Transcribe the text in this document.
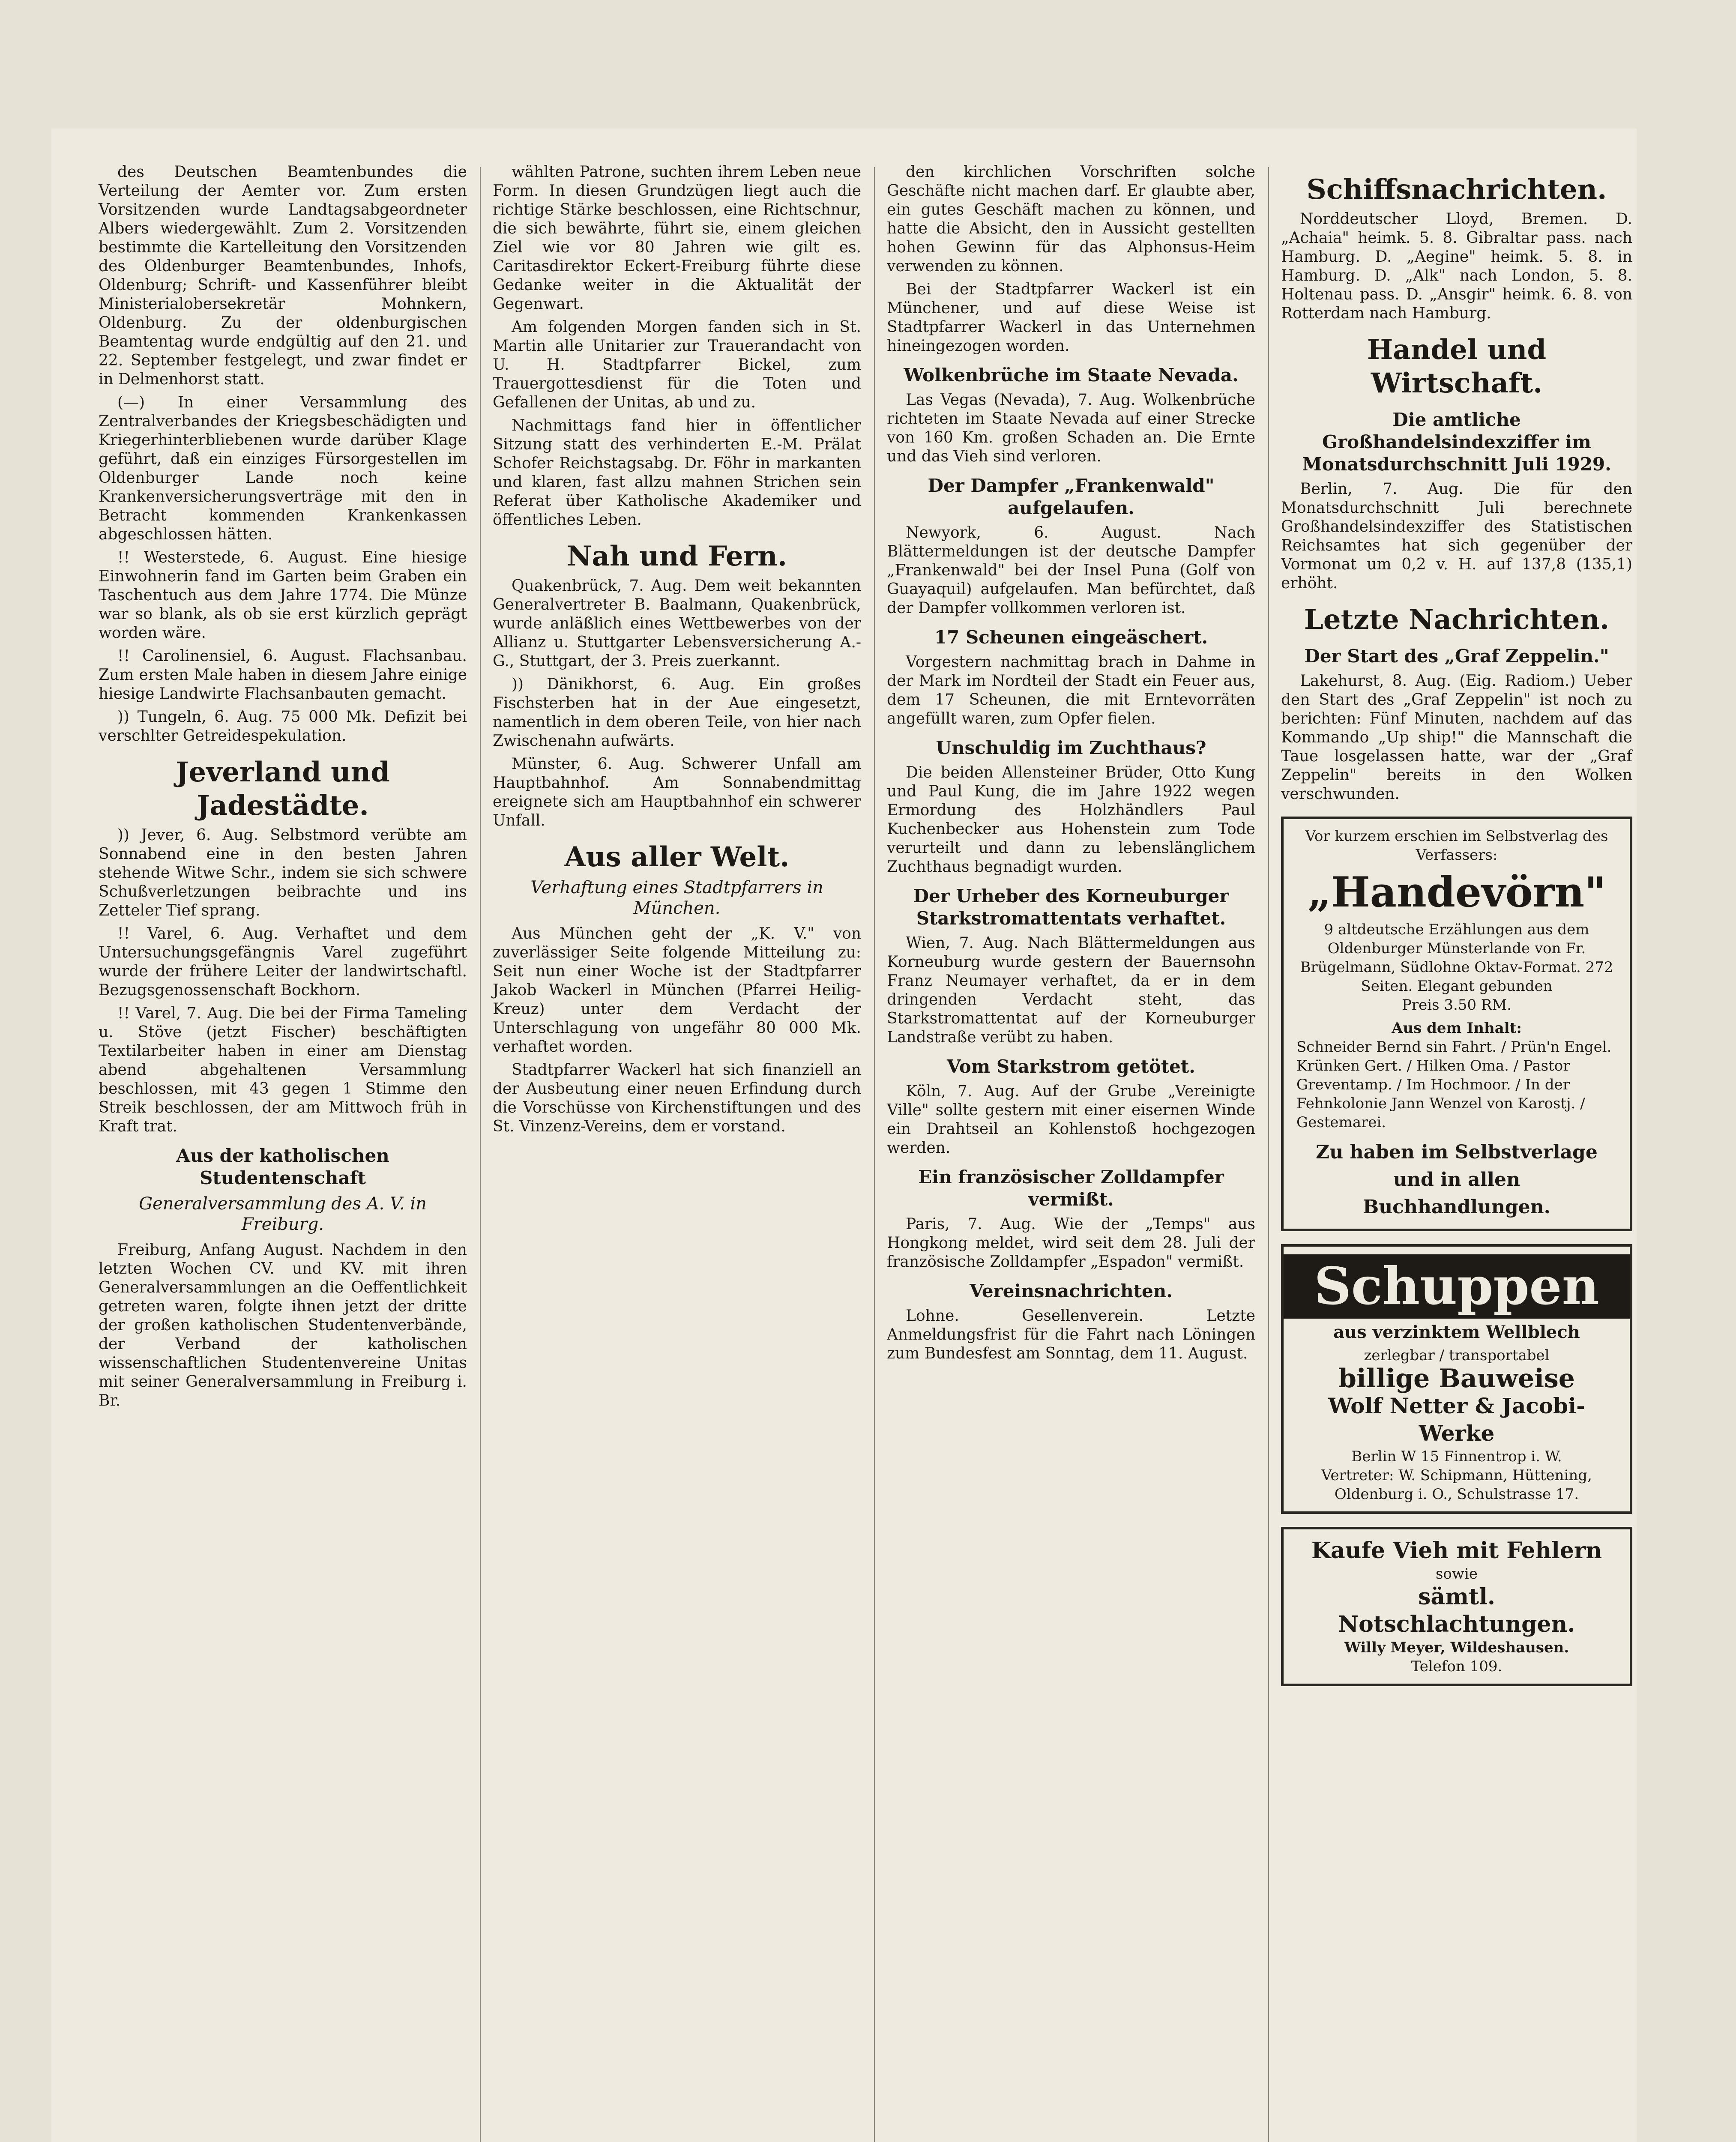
des Deutschen Beamtenbundes die Verteilung der Aemter vor. Zum ersten Vorsitzenden wurde Landtagsabgeordneter Albers wiedergewählt. Zum 2. Vorsitzenden bestimmte die Kartelleitung den Vorsitzenden des Oldenburger Beamtenbundes, Inhofs, Oldenburg; Schrift- und Kassenführer bleibt Ministerialobersekretär Mohnkern, Oldenburg. Zu der oldenburgischen Beamtentag wurde endgültig auf den 21. und 22. September festgelegt, und zwar findet er in Delmenhorst statt.

(—) In einer Versammlung des Zentralverbandes der Kriegsbeschädigten und Kriegerhinterbliebenen wurde darüber Klage geführt, daß ein einziges Fürsorgestellen im Oldenburger Lande noch keine Krankenversicherungsverträge mit den in Betracht kommenden Krankenkassen abgeschlossen hätten.

!! Westerstede, 6. August. Eine hiesige Einwohnerin fand im Garten beim Graben ein Taschentuch aus dem Jahre 1774. Die Münze war so blank, als ob sie erst kürzlich geprägt worden wäre.

!! Carolinensiel, 6. August. Flachsanbau. Zum ersten Male haben in diesem Jahre einige hiesige Landwirte Flachsanbauten gemacht.

)) Tungeln, 6. Aug. 75 000 Mk. Defizit bei verschlter Getreidespekulation.

Jeverland und Jadestädte.

)) Jever, 6. Aug. Selbstmord verübte am Sonnabend eine in den besten Jahren stehende Witwe Schr., indem sie sich schwere Schußverletzungen beibrachte und ins Zetteler Tief sprang.

!! Varel, 6. Aug. Verhaftet und dem Untersuchungsgefängnis Varel zugeführt wurde der frühere Leiter der landwirtschaftl. Bezugsgenossenschaft Bockhorn.

!! Varel, 7. Aug. Die bei der Firma Tameling u. Stöve (jetzt Fischer) beschäftigten Textilarbeiter haben in einer am Dienstag abend abgehaltenen Versammlung beschlossen, mit 43 gegen 1 Stimme den Streik beschlossen, der am Mittwoch früh in Kraft trat.

Aus der katholischen Studentenschaft
Generalversammlung des A. V. in Freiburg.

Freiburg, Anfang August. Nachdem in den letzten Wochen CV. und KV. mit ihren Generalversammlungen an die Oeffentlichkeit getreten waren, folgte ihnen jetzt der dritte der großen katholischen Studentenverbände, der Verband der katholischen wissenschaftlichen Studentenvereine Unitas mit seiner Generalversammlung in Freiburg i. Br.

wählten Patrone, suchten ihrem Leben neue Form. In diesen Grundzügen liegt auch die richtige Stärke beschlossen, eine Richtschnur, die sich bewährte, führt sie, einem gleichen Ziel wie vor 80 Jahren wie gilt es. Caritasdirektor Eckert-Freiburg führte diese Gedanke weiter in die Aktualität der Gegenwart.

Am folgenden Morgen fanden sich in St. Martin alle Unitarier zur Trauerandacht von U. H. Stadtpfarrer Bickel, zum Trauergottesdienst für die Toten und Gefallenen der Unitas, ab und zu.

Nachmittags fand hier in öffentlicher Sitzung statt des verhinderten E.-M. Prälat Schofer Reichstagsabg. Dr. Föhr in markanten und klaren, fast allzu mahnen Strichen sein Referat über Katholische Akademiker und öffentliches Leben.

Nah und Fern.

Quakenbrück, 7. Aug. Dem weit bekannten Generalvertreter B. Baalmann, Quakenbrück, wurde anläßlich eines Wettbewerbes von der Allianz u. Stuttgarter Lebensversicherung A.-G., Stuttgart, der 3. Preis zuerkannt.

)) Dänikhorst, 6. Aug. Ein großes Fischsterben hat in der Aue eingesetzt, namentlich in dem oberen Teile, von hier nach Zwischenahn aufwärts.

Münster, 6. Aug. Schwerer Unfall am Hauptbahnhof. Am Sonnabendmittag ereignete sich am Hauptbahnhof ein schwerer Unfall.

Aus aller Welt.
Verhaftung eines Stadtpfarrers in München.

Aus München geht der „K. V." von zuverlässiger Seite folgende Mitteilung zu: Seit nun einer Woche ist der Stadtpfarrer Jakob Wackerl in München (Pfarrei Heilig-Kreuz) unter dem Verdacht der Unterschlagung von ungefähr 80 000 Mk. verhaftet worden.

Stadtpfarrer Wackerl hat sich finanziell an der Ausbeutung einer neuen Erfindung durch die Vorschüsse von Kirchenstiftungen und des St. Vinzenz-Vereins, dem er vorstand.

den kirchlichen Vorschriften solche Geschäfte nicht machen darf. Er glaubte aber, ein gutes Geschäft machen zu können, und hatte die Absicht, den in Aussicht gestellten hohen Gewinn für das Alphonsus-Heim verwenden zu können.

Bei der Stadtpfarrer Wackerl ist ein Münchener, und auf diese Weise ist Stadtpfarrer Wackerl in das Unternehmen hineingezogen worden.

Wolkenbrüche im Staate Nevada.

Las Vegas (Nevada), 7. Aug. Wolkenbrüche richteten im Staate Nevada auf einer Strecke von 160 Km. großen Schaden an. Die Ernte und das Vieh sind verloren.

Der Dampfer „Frankenwald" aufgelaufen.

Newyork, 6. August. Nach Blättermeldungen ist der deutsche Dampfer „Frankenwald" bei der Insel Puna (Golf von Guayaquil) aufgelaufen. Man befürchtet, daß der Dampfer vollkommen verloren ist.

17 Scheunen eingeäschert.

Vorgestern nachmittag brach in Dahme in der Mark im Nordteil der Stadt ein Feuer aus, dem 17 Scheunen, die mit Erntevorräten angefüllt waren, zum Opfer fielen.

Unschuldig im Zuchthaus?

Die beiden Allensteiner Brüder, Otto Kung und Paul Kung, die im Jahre 1922 wegen Ermordung des Holzhändlers Paul Kuchenbecker aus Hohenstein zum Tode verurteilt und dann zu lebenslänglichem Zuchthaus begnadigt wurden.

Der Urheber des Korneuburger Starkstromattentats verhaftet.

Wien, 7. Aug. Nach Blättermeldungen aus Korneuburg wurde gestern der Bauernsohn Franz Neumayer verhaftet, da er in dem dringenden Verdacht steht, das Starkstromattentat auf der Korneuburger Landstraße verübt zu haben.

Vom Starkstrom getötet.

Köln, 7. Aug. Auf der Grube „Vereinigte Ville" sollte gestern mit einer eisernen Winde ein Drahtseil an Kohlenstoß hochgezogen werden.

Ein französischer Zolldampfer vermißt.

Paris, 7. Aug. Wie der „Temps" aus Hongkong meldet, wird seit dem 28. Juli der französische Zolldampfer „Espadon" vermißt.

Vereinsnachrichten.

Lohne. Gesellenverein. Letzte Anmeldungsfrist für die Fahrt nach Löningen zum Bundesfest am Sonntag, dem 11. August.

Schiffsnachrichten.

Norddeutscher Lloyd, Bremen. D. „Achaia" heimk. 5. 8. Gibraltar pass. nach Hamburg. D. „Aegine" heimk. 5. 8. in Hamburg. D. „Alk" nach London, 5. 8. Holtenau pass. D. „Ansgir" heimk. 6. 8. von Rotterdam nach Hamburg.

Handel und Wirtschaft.
Die amtliche Großhandelsindexziffer im Monatsdurchschnitt Juli 1929.

Berlin, 7. Aug. Die für den Monatsdurchschnitt Juli berechnete Großhandelsindexziffer des Statistischen Reichsamtes hat sich gegenüber der Vormonat um 0,2 v. H. auf 137,8 (135,1) erhöht.

Letzte Nachrichten.
Der Start des „Graf Zeppelin."

Lakehurst, 8. Aug. (Eig. Radiom.) Ueber den Start des „Graf Zeppelin" ist noch zu berichten: Fünf Minuten, nachdem auf das Kommando „Up ship!" die Mannschaft die Taue losgelassen hatte, war der „Graf Zeppelin" bereits in den Wolken verschwunden.

Vor kurzem erschien im Selbstverlag des Verfassers:
„Handevörn"
9 altdeutsche Erzählungen aus dem Oldenburger Münsterlande von Fr. Brügelmann, Südlohne Oktav-Format. 272 Seiten. Elegant gebunden
Preis 3.50 RM.
Aus dem Inhalt:
Schneider Bernd sin Fahrt. / Prün'n Engel. Krünken Gert. / Hilken Oma. / Pastor Greventamp. / Im Hochmoor. / In der Fehnkolonie Jann Wenzel von Karostj. / Gestemarei.
Zu haben im Selbstverlage und in allen Buchhandlungen.
Schuppen
aus verzinktem Wellblech
zerlegbar / transportabel
billige Bauweise
Wolf Netter & Jacobi-Werke
Berlin W 15 Finnentrop i. W.
Vertreter: W. Schipmann, Hüttening, Oldenburg i. O., Schulstrasse 17.
Kaufe Vieh mit Fehlern
sowie
sämtl. Notschlachtungen.
Willy Meyer, Wildeshausen.
Telefon 109.
